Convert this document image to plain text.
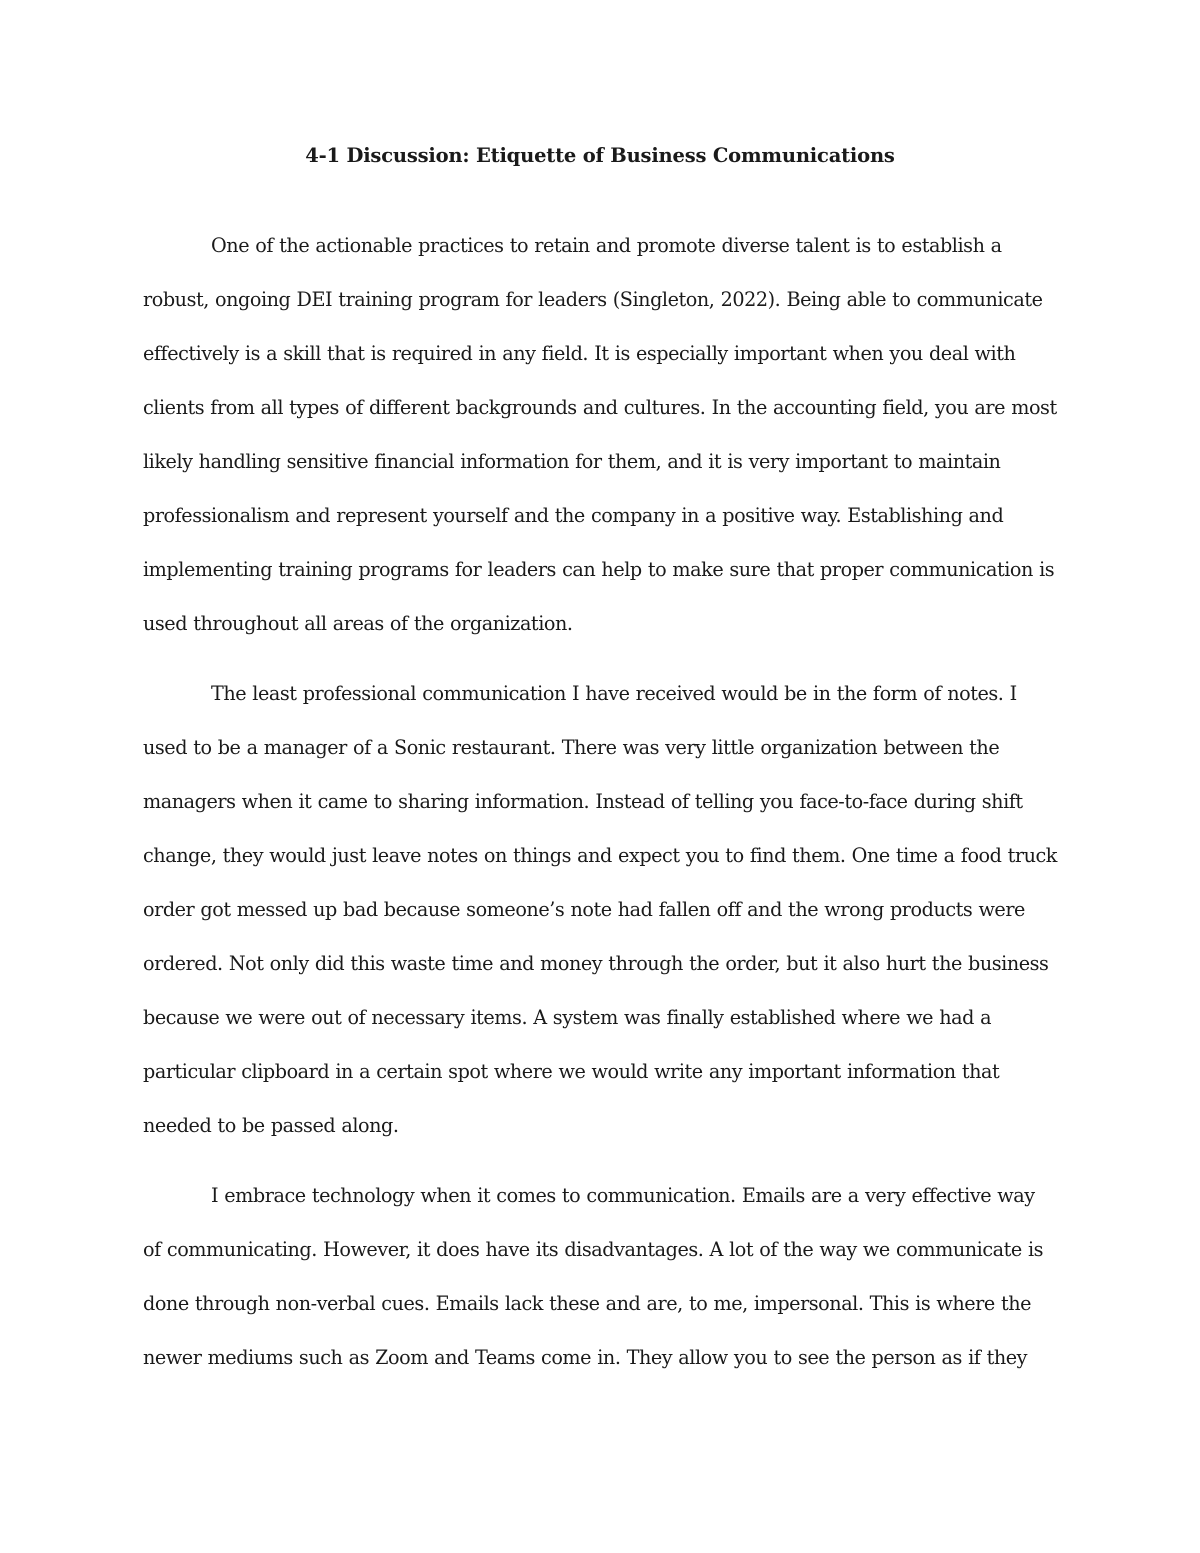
4-1 Discussion: Etiquette of Business Communications
One of the actionable practices to retain and promote diverse talent is to establish a
robust, ongoing DEI training program for leaders (Singleton, 2022). Being able to communicate
effectively is a skill that is required in any field. It is especially important when you deal with
clients from all types of different backgrounds and cultures. In the accounting field, you are most
likely handling sensitive financial information for them, and it is very important to maintain
professionalism and represent yourself and the company in a positive way. Establishing and
implementing training programs for leaders can help to make sure that proper communication is
used throughout all areas of the organization.
The least professional communication I have received would be in the form of notes. I
used to be a manager of a Sonic restaurant. There was very little organization between the
managers when it came to sharing information. Instead of telling you face-to-face during shift
change, they would just leave notes on things and expect you to find them. One time a food truck
order got messed up bad because someone’s note had fallen off and the wrong products were
ordered. Not only did this waste time and money through the order, but it also hurt the business
because we were out of necessary items. A system was finally established where we had a
particular clipboard in a certain spot where we would write any important information that
needed to be passed along.
I embrace technology when it comes to communication. Emails are a very effective way
of communicating. However, it does have its disadvantages. A lot of the way we communicate is
done through non-verbal cues. Emails lack these and are, to me, impersonal. This is where the
newer mediums such as Zoom and Teams come in. They allow you to see the person as if they
